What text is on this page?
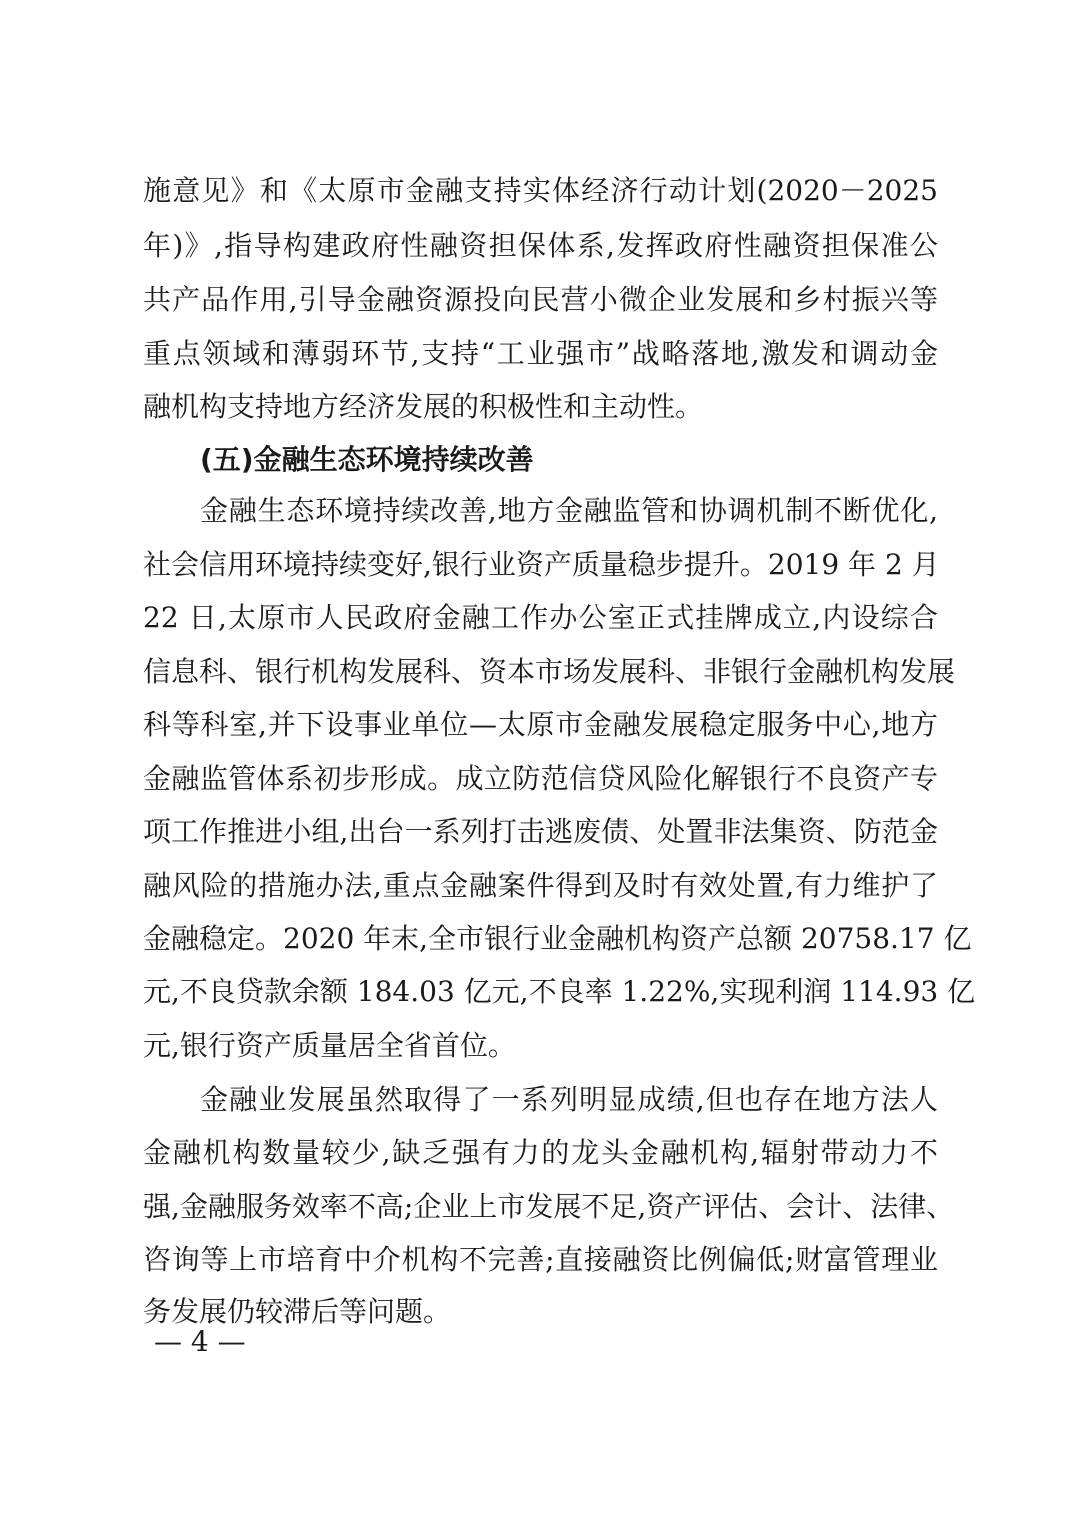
施意见》和《太原市金融支持实体经济行动计划(2020－2025
年)》,指导构建政府性融资担保体系,发挥政府性融资担保准公
共产品作用,引导金融资源投向民营小微企业发展和乡村振兴等
重点领域和薄弱环节,支持“工业强市”战略落地,激发和调动金
融机构支持地方经济发展的积极性和主动性。
(五)金融生态环境持续改善
金融生态环境持续改善,地方金融监管和协调机制不断优化,
社会信用环境持续变好,银行业资产质量稳步提升。2019 年 2 月
22 日,太原市人民政府金融工作办公室正式挂牌成立,内设综合
信息科、银行机构发展科、资本市场发展科、非银行金融机构发展
科等科室,并下设事业单位—太原市金融发展稳定服务中心,地方
金融监管体系初步形成。成立防范信贷风险化解银行不良资产专
项工作推进小组,出台一系列打击逃废债、处置非法集资、防范金
融风险的措施办法,重点金融案件得到及时有效处置,有力维护了
金融稳定。2020 年末,全市银行业金融机构资产总额 20758.17 亿
元,不良贷款余额 184.03 亿元,不良率 1.22%,实现利润 114.93 亿
元,银行资产质量居全省首位。
金融业发展虽然取得了一系列明显成绩,但也存在地方法人
金融机构数量较少,缺乏强有力的龙头金融机构,辐射带动力不
强,金融服务效率不高;企业上市发展不足,资产评估、会计、法律、
咨询等上市培育中介机构不完善;直接融资比例偏低;财富管理业
务发展仍较滞后等问题。
— 4 —
